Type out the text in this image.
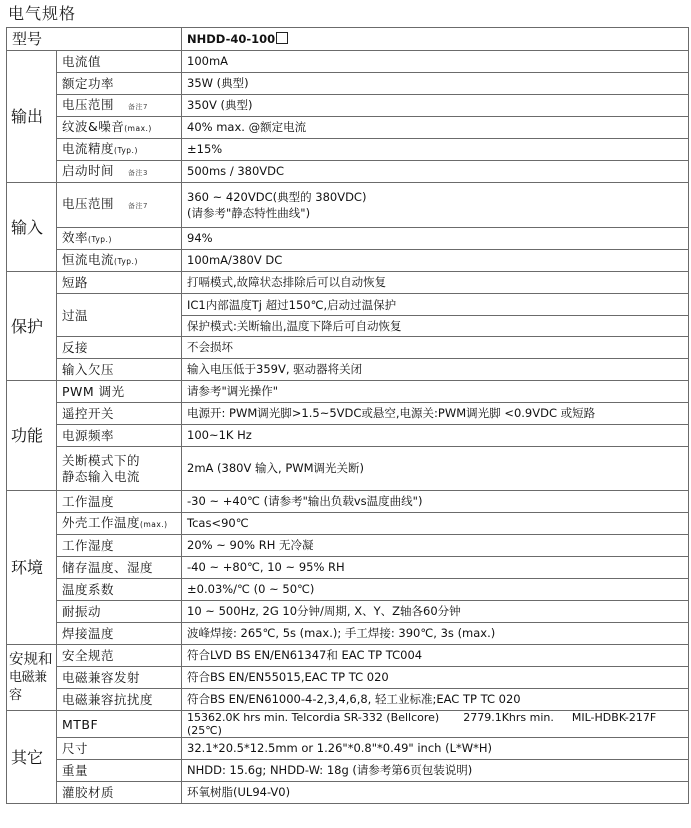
电气规格
型号		NHDD-40-100
输出	电流值	100mA
	额定功率	35W (典型)
	电压范围 备注7	350V (典型)
	纹波&噪音(max.)	40% max. @额定电流
	电流精度(Typ.)	±15%
	启动时间 备注3	500ms / 380VDC
输入	电压范围 备注7	360 ~ 420VDC(典型的 380VDC)
(请参考"静态特性曲线")

	效率(Typ.)	94%
	恒流电流(Typ.)	100mA/380V DC
保护	短路	打嗝模式,故障状态排除后可以自动恢复
	过温	IC1内部温度Tj 超过150℃,启动过温保护
保护模式:关断输出,温度下降后可自动恢复

	反接	不会损坏
	输入欠压	输入电压低于359V, 驱动器将关闭
功能	PWM 调光	请参考"调光操作"
	遥控开关	电源开: PWM调光脚>1.5~5VDC或悬空,电源关:PWM调光脚 <0.9VDC 或短路
	电源频率	100~1K Hz

	关断模式下的
静态输入电流	2mA (380V 输入, PWM调光关断)
环境	工作温度	-30 ~ +40℃ (请参考"输出负载vs温度曲线")
	外壳工作温度(max.)	Tcas<90℃
	工作湿度	20% ~ 90% RH 无冷凝
	储存温度、湿度	-40 ~ +80℃, 10 ~ 95% RH
	温度系数	±0.03%/℃ (0 ~ 50℃)
	耐振动	10 ~ 500Hz, 2G 10分钟/周期, X、Y、Z轴各60分钟
	焊接温度	波峰焊接: 265℃, 5s (max.); 手工焊接: 390℃, 3s (max.)

安规和
电磁兼容	安全规范	符合LVD BS EN/EN61347和 EAC TP TC004
	电磁兼容发射	符合BS EN/EN55015,EAC TP TC 020
	电磁兼容抗扰度	符合BS EN/EN61000-4-2,3,4,6,8, 轻工业标准;EAC TP TC 020
其它	MTBF	15362.0K hrs min. Telcordia SR-332 (Bellcore) 2779.1Khrs min. MIL-HDBK-217F (25℃)
	尺寸	32.1*20.5*12.5mm or 1.26"*0.8"*0.49" inch (L*W*H)
	重量	NHDD: 15.6g; NHDD-W: 18g (请参考第6页包装说明)
	灌胶材质	环氧树脂(UL94-V0)
